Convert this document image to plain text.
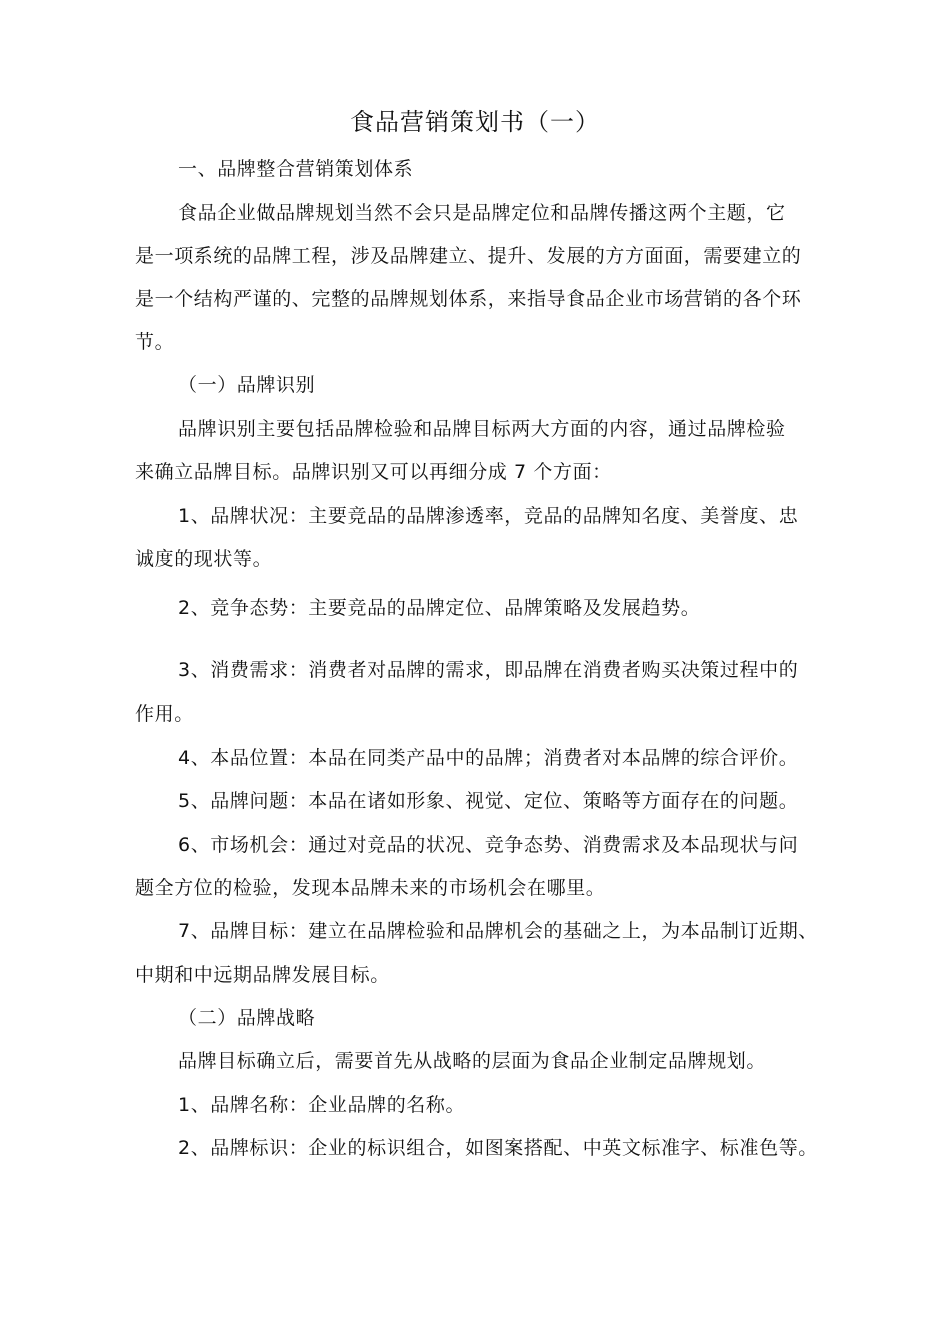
食品营销策划书（一）
一、品牌整合营销策划体系
食品企业做品牌规划当然不会只是品牌定位和品牌传播这两个主题，它
是一项系统的品牌工程，涉及品牌建立、提升、发展的方方面面，需要建立的
是一个结构严谨的、完整的品牌规划体系，来指导食品企业市场营销的各个环
节。
（一）品牌识别
品牌识别主要包括品牌检验和品牌目标两大方面的内容，通过品牌检验
来确立品牌目标。品牌识别又可以再细分成 7 个方面：
1、品牌状况：主要竞品的品牌渗透率，竞品的品牌知名度、美誉度、忠
诚度的现状等。
2、竞争态势：主要竞品的品牌定位、品牌策略及发展趋势。
3、消费需求：消费者对品牌的需求，即品牌在消费者购买决策过程中的
作用。
4、本品位置：本品在同类产品中的品牌；消费者对本品牌的综合评价。
5、品牌问题：本品在诸如形象、视觉、定位、策略等方面存在的问题。
6、市场机会：通过对竞品的状况、竞争态势、消费需求及本品现状与问
题全方位的检验，发现本品牌未来的市场机会在哪里。
7、品牌目标：建立在品牌检验和品牌机会的基础之上，为本品制订近期、
中期和中远期品牌发展目标。
（二）品牌战略
品牌目标确立后，需要首先从战略的层面为食品企业制定品牌规划。
1、品牌名称：企业品牌的名称。
2、品牌标识：企业的标识组合，如图案搭配、中英文标准字、标准色等。
